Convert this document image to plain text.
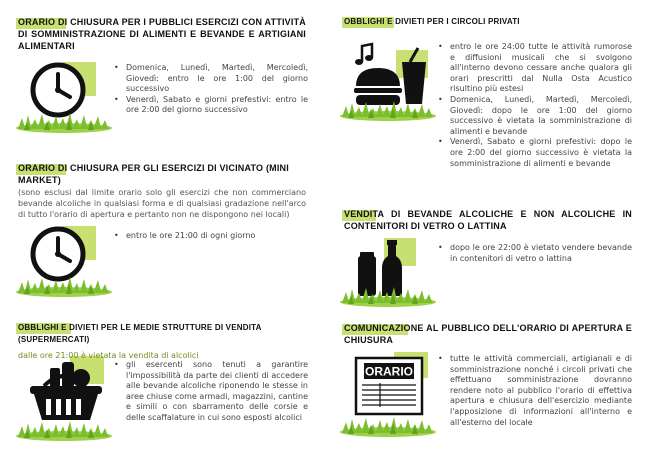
ORARIO DI CHIUSURA PER I PUBBLICI ESERCIZI CON ATTIVITÀ DI SOMMINISTRAZIONE DI ALIMENTI E BEVANDE E ARTIGIANI ALIMENTARI
• Domenica, Lunedì, Martedì, Mercoledì, Giovedì: entro le ore 1:00 del giorno successivo
• Venerdì, Sabato e giorni prefestivi: entro le ore 2:00 del giorno successivo
ORARIO DI CHIUSURA PER GLI ESERCIZI DI VICINATO (MINI MARKET)
(sono esclusi dal limite orario solo gli esercizi che non commerciano bevande alcoliche in qualsiasi forma e di qualsiasi gradazione nell'arco di tutto l'orario di apertura e pertanto non ne dispongono nei locali)
• entro le ore 21:00 di ogni giorno
OBBLIGHI E DIVIETI PER LE MEDIE STRUTTURE DI VENDITA (SUPERMERCATI)
dalle ore 21:00 è vietata la vendita di alcolici
• gli esercenti sono tenuti a garantire l'impossibilità da parte dei clienti di accedere alle bevande alcoliche riponendo le stesse in aree chiuse come armadi, magazzini, cantine e simili o con sbarramento delle corsie e delle scaffalature in cui sono esposti alcolici
OBBLIGHI E DIVIETI PER I CIRCOLI PRIVATI
• entro le ore 24:00 tutte le attività rumorose e diffusioni musicali che si svolgono all'interno devono cessare anche qualora gli orari prescritti dal Nulla Osta Acustico risultino più estesi
• Domenica, Lunedì, Martedì, Mercoledì, Giovedì: dopo le ore 1:00 del giorno successivo è vietata la somministrazione di alimenti e bevande
• Venerdì, Sabato e giorni prefestivi: dopo le ore 2:00 del giorno successivo è vietata la somministrazione di alimenti e bevande
VENDITA DI BEVANDE ALCOLICHE E NON ALCOLICHE IN CONTENITORI DI VETRO O LATTINA
• dopo le ore 22:00 è vietato vendere bevande in contenitori di vetro o lattina
COMUNICAZIONE AL PUBBLICO DELL'ORARIO DI APERTURA E CHIUSURA
ORARIO
• tutte le attività commerciali, artigianali e di somministrazione nonché i circoli privati che effettuano somministrazione dovranno rendere noto al pubblico l'orario di effettiva apertura e chiusura dell'esercizio mediante l'apposizione di informazioni all'interno e all'esterno del locale
